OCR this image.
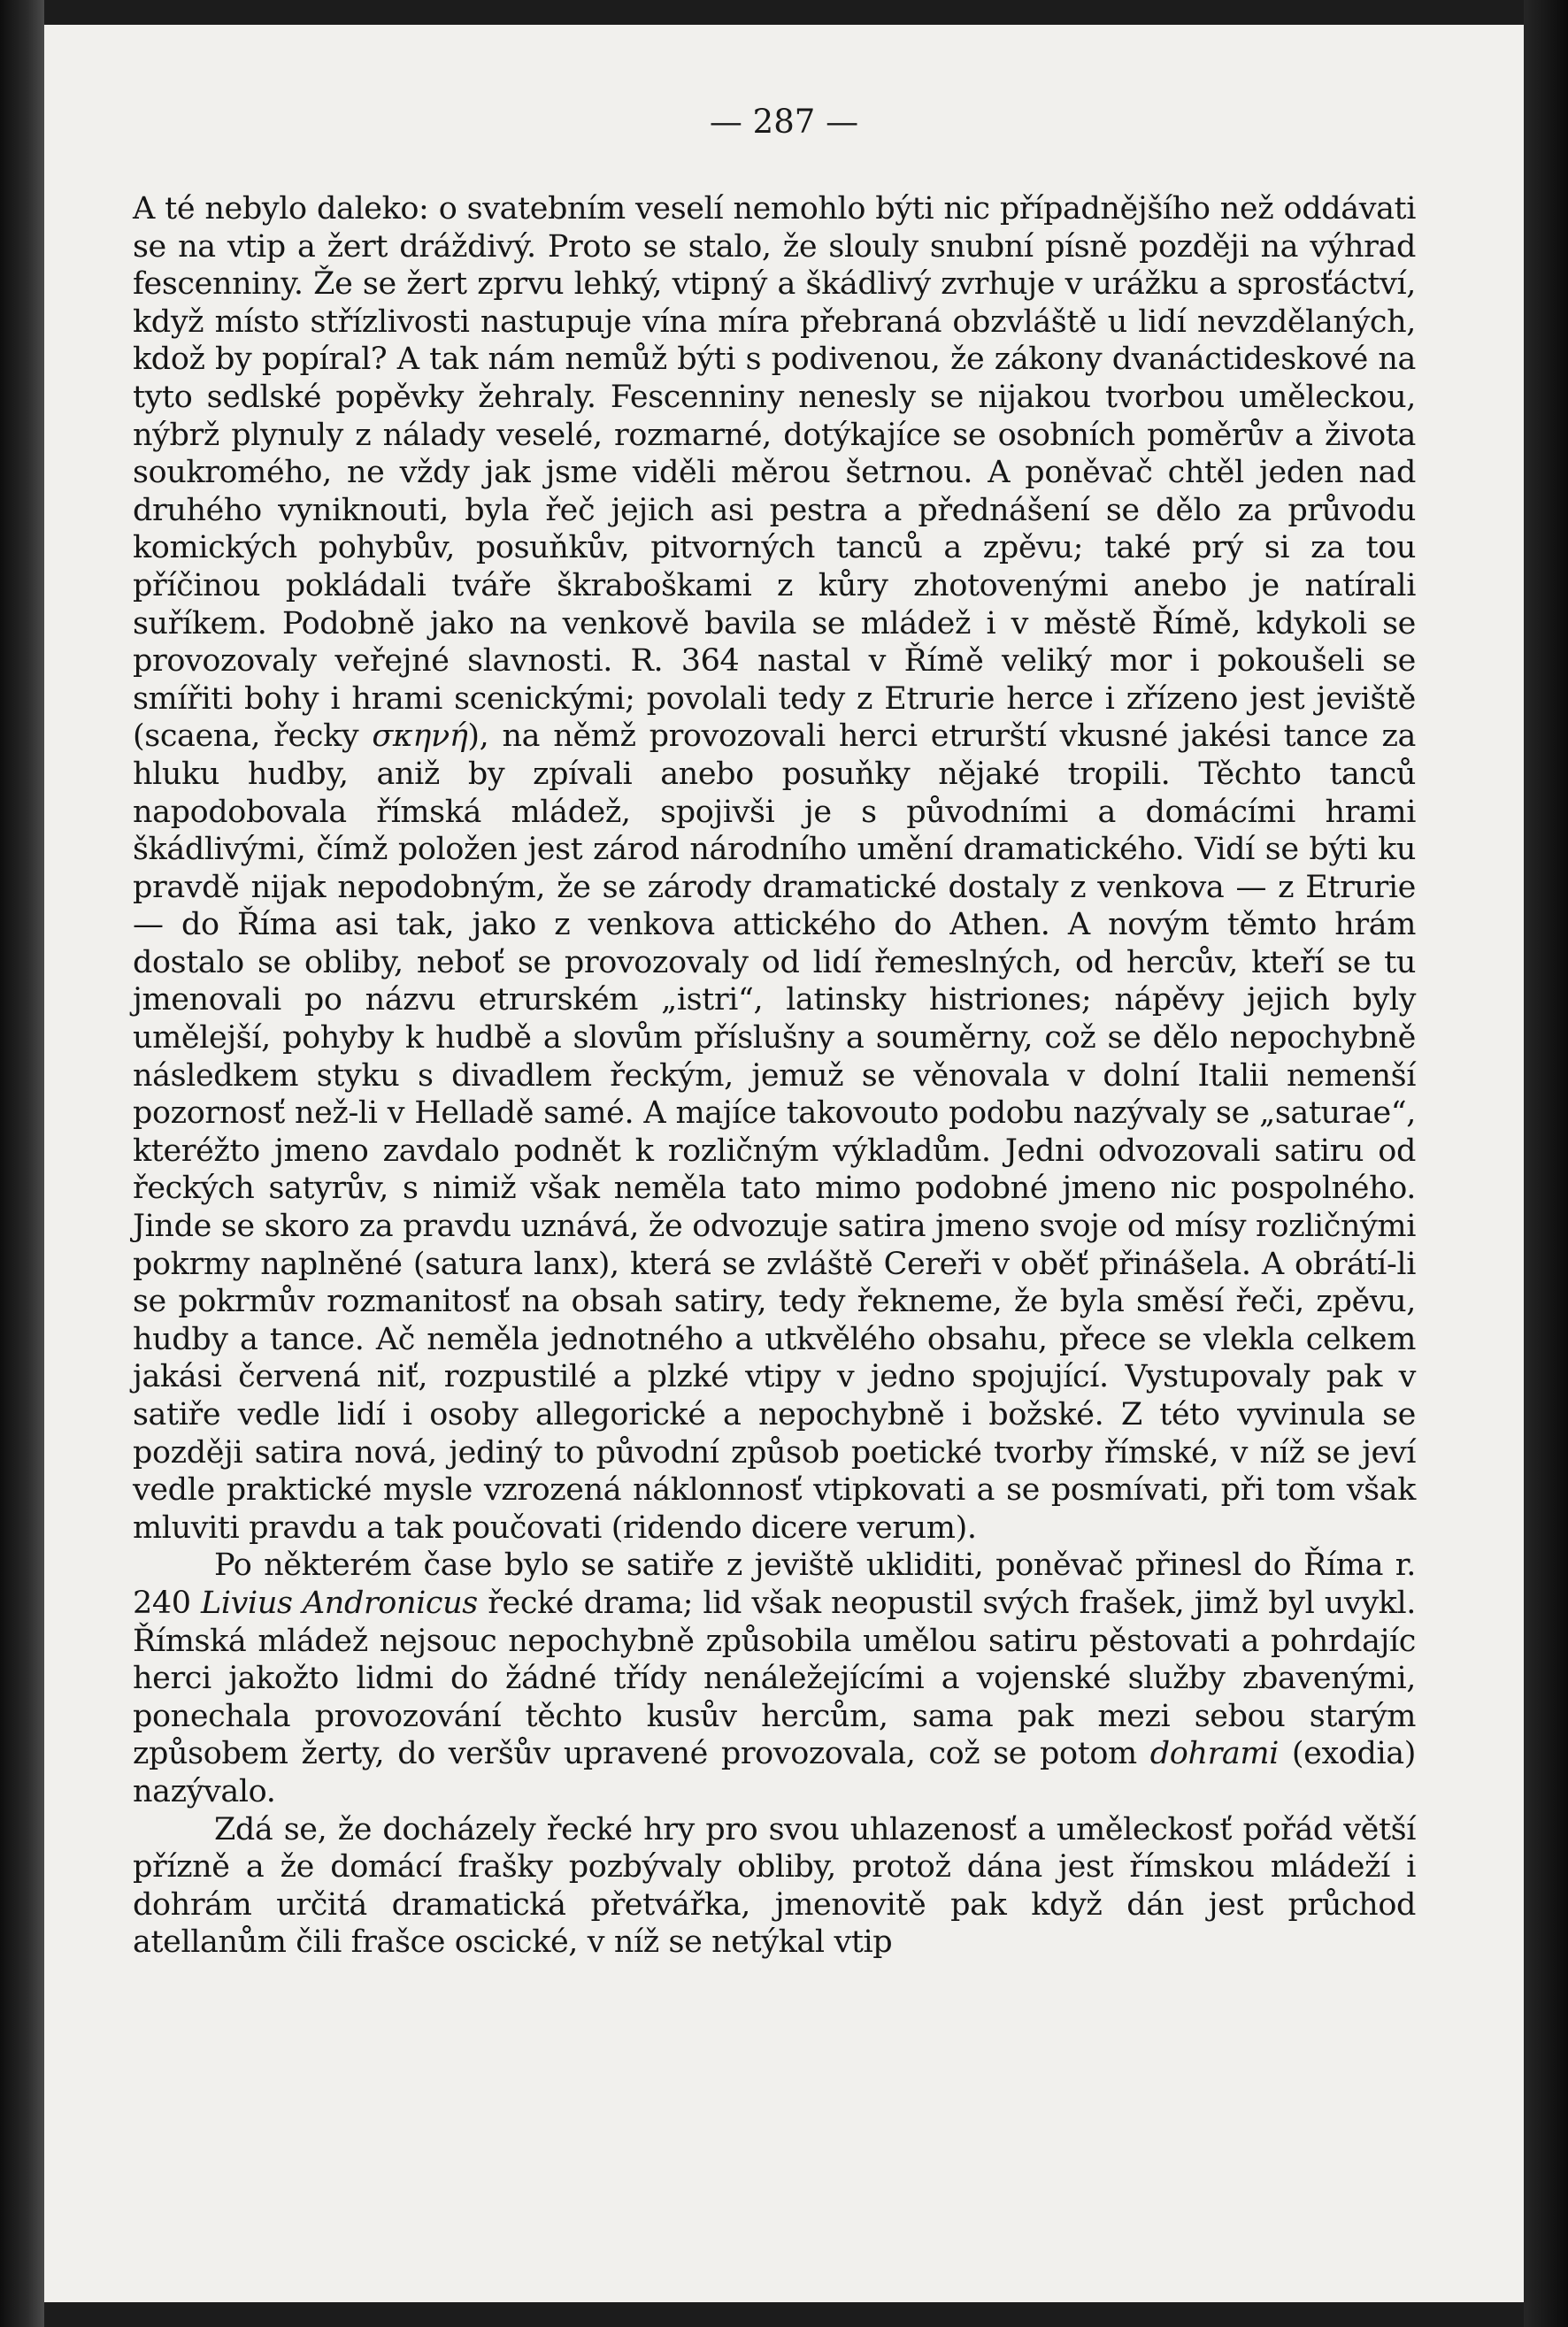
— 287 —

A té nebylo daleko: o svatebním veselí nemohlo býti nic případnějšího než oddávati se na vtip a žert dráždivý. Proto se stalo, že slouly snubní písně později na výhrad fescenniny. Že se žert zprvu lehký, vtipný a škádlivý zvrhuje v urážku a sprosťáctví, když místo střízlivosti nastupuje vína míra přebraná obzvláště u lidí nevzdělaných, kdož by popíral? A tak nám nemůž býti s podivenou, že zákony dvanáctideskové na tyto sedlské popěvky žehraly. Fescenniny nenesly se nijakou tvorbou uměleckou, nýbrž plynuly z nálady veselé, rozmarné, dotýkajíce se osobních poměrův a života soukromého, ne vždy jak jsme viděli měrou šetrnou. A poněvač chtěl jeden nad druhého vyniknouti, byla řeč jejich asi pestra a přednášení se dělo za průvodu komických pohybův, posuňkův, pitvorných tanců a zpěvu; také prý si za tou příčinou pokládali tváře škraboškami z kůry zhotovenými anebo je natírali suříkem. Podobně jako na venkově bavila se mládež i v městě Římě, kdykoli se provozovaly veřejné slavnosti. R. 364 nastal v Římě veliký mor i pokoušeli se smířiti bohy i hrami scenickými; povolali tedy z Etrurie herce i zřízeno jest jeviště (scaena, řecky σκηνή), na němž provozovali herci etrurští vkusné jakési tance za hluku hudby, aniž by zpívali anebo posuňky nějaké tropili. Těchto tanců napodobovala římská mládež, spojivši je s původními a domácími hrami škádlivými, čímž položen jest zárod národního umění dramatického. Vidí se býti ku pravdě nijak nepodobným, že se zárody dramatické dostaly z venkova — z Etrurie — do Říma asi tak, jako z venkova attického do Athen. A novým těmto hrám dostalo se obliby, neboť se provozovaly od lidí řemeslných, od hercův, kteří se tu jmenovali po názvu etrurském „istri“, latinsky histriones; nápěvy jejich byly umělejší, pohyby k hudbě a slovům příslušny a souměrny, což se dělo nepochybně následkem styku s divadlem řeckým, jemuž se věnovala v dolní Italii nemenší pozornosť než-li v Helladě samé. A majíce takovouto podobu nazývaly se „saturae“, kteréžto jmeno zavdalo podnět k rozličným výkladům. Jedni odvozovali satiru od řeckých satyrův, s nimiž však neměla tato mimo podobné jmeno nic pospolného. Jinde se skoro za pravdu uznává, že odvozuje satira jmeno svoje od mísy rozličnými pokrmy naplněné (satura lanx), která se zvláště Cereři v oběť přinášela. A obrátí-li se pokrmův rozmanitosť na obsah satiry, tedy řekneme, že byla směsí řeči, zpěvu, hudby a tance. Ač neměla jednotného a utkvělého obsahu, přece se vlekla celkem jakási červená niť, rozpustilé a plzké vtipy v jedno spojující. Vystupovaly pak v satiře vedle lidí i osoby allegorické a nepochybně i božské. Z této vyvinula se později satira nová, jediný to původní způsob poetické tvorby římské, v níž se jeví vedle praktické mysle vzrozená náklonnosť vtipkovati a se posmívati, při tom však mluviti pravdu a tak poučovati (ridendo dicere verum).

Po některém čase bylo se satiře z jeviště ukliditi, poněvač přinesl do Říma r. 240 Livius Andronicus řecké drama; lid však neopustil svých frašek, jimž byl uvykl. Římská mládež nejsouc nepochybně způsobila umělou satiru pěstovati a pohrdajíc herci jakožto lidmi do žádné třídy nenáležejícími a vojenské služby zbavenými, ponechala provozování těchto kusův hercům, sama pak mezi sebou starým způsobem žerty, do veršův upravené provozovala, což se potom dohrami (exodia) nazývalo.

Zdá se, že docházely řecké hry pro svou uhlazenosť a uměleckosť pořád větší přízně a že domácí frašky pozbývaly obliby, protož dána jest římskou mládeží i dohrám určitá dramatická přetvářka, jmenovitě pak když dán jest průchod atellanům čili frašce oscické, v níž se netýkal vtip
